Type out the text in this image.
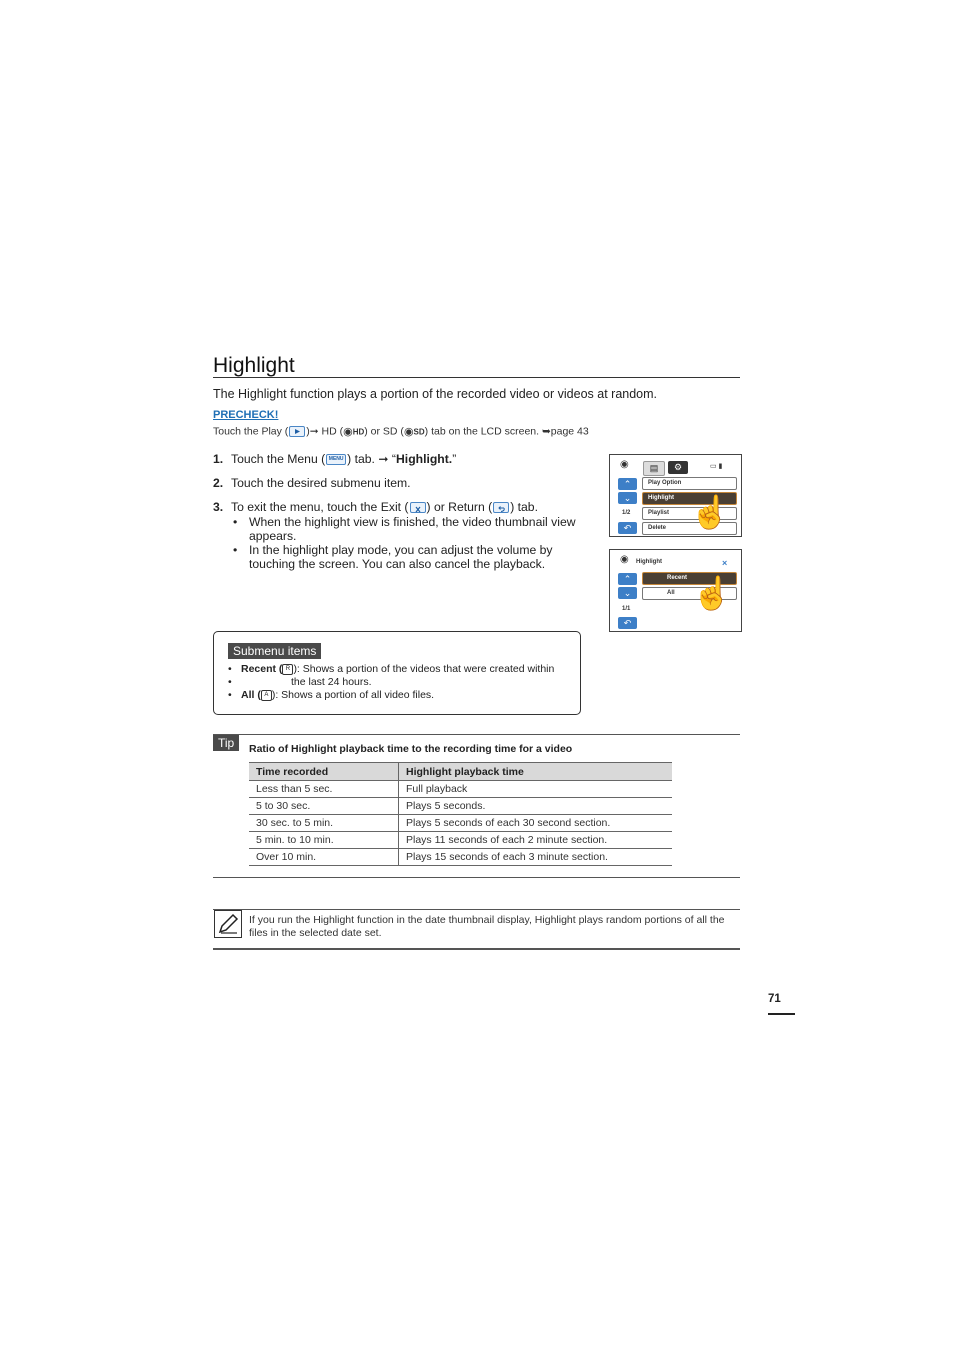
Highlight
The Highlight function plays a portion of the recorded video or videos at random.
PRECHECK!
Touch the Play ( )➞ HD (◉HD) or SD (◉SD) tab on the LCD screen. ➥page 43
1. Touch the Menu ( MENU ) tab. ➞ “Highlight.”
2. Touch the desired submenu item.
3. To exit the menu, touch the Exit ( ) or Return ( ) tab.
• When the highlight view is finished, the video thumbnail view appears.
• In the highlight play mode, you can adjust the volume by touching the screen. You can also cancel the playback.
◉	▤	⚙	▭ ▮
⌃
⌄
Play Option
Highlight
1/2	Playlist
↶	Delete ☝
◉ Highlight	×
⌃
⌄
Recent
All
1/1
↶
☝
Submenu items
• Recent ( R ): Shows a portion of the videos that were created within
• the last 24 hours.
• All ( A ): Shows a portion of all video files.
Tip	Ratio of Highlight playback time to the recording time for a video
Time recorded	Highlight playback time
Less than 5 sec.	Full playback
5 to 30 sec.	Plays 5 seconds.
30 sec. to 5 min.	Plays 5 seconds of each 30 second section.
5 min. to 10 min.	Plays 11 seconds of each 2 minute section.
Over 10 min.	Plays 15 seconds of each 3 minute section.
If you run the Highlight function in the date thumbnail display, Highlight plays random portions of all the files in the selected date set.
71
